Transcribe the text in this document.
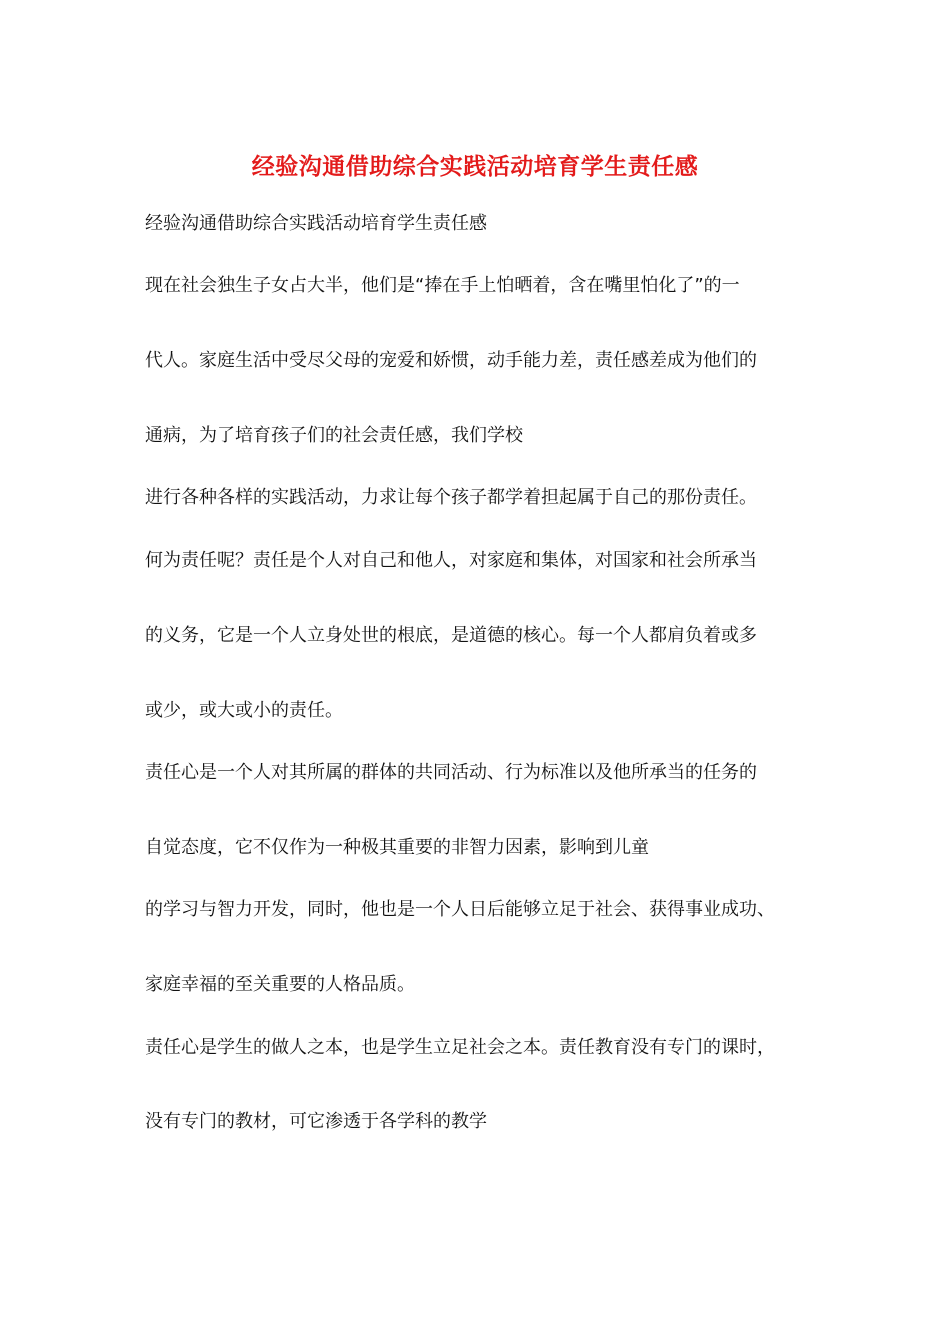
经验沟通借助综合实践活动培育学生责任感
经验沟通借助综合实践活动培育学生责任感
现在社会独生子女占大半，他们是“捧在手上怕晒着，含在嘴里怕化了”的一
代人。家庭生活中受尽父母的宠爱和娇惯，动手能力差，责任感差成为他们的
通病，为了培育孩子们的社会责任感，我们学校
进行各种各样的实践活动，力求让每个孩子都学着担起属于自己的那份责任。
何为责任呢？责任是个人对自己和他人，对家庭和集体，对国家和社会所承当
的义务，它是一个人立身处世的根底，是道德的核心。每一个人都肩负着或多
或少，或大或小的责任。
责任心是一个人对其所属的群体的共同活动、行为标准以及他所承当的任务的
自觉态度，它不仅作为一种极其重要的非智力因素，影响到儿童
的学习与智力开发，同时，他也是一个人日后能够立足于社会、获得事业成功、
家庭幸福的至关重要的人格品质。
责任心是学生的做人之本，也是学生立足社会之本。责任教育没有专门的课时，
没有专门的教材，可它渗透于各学科的教学
